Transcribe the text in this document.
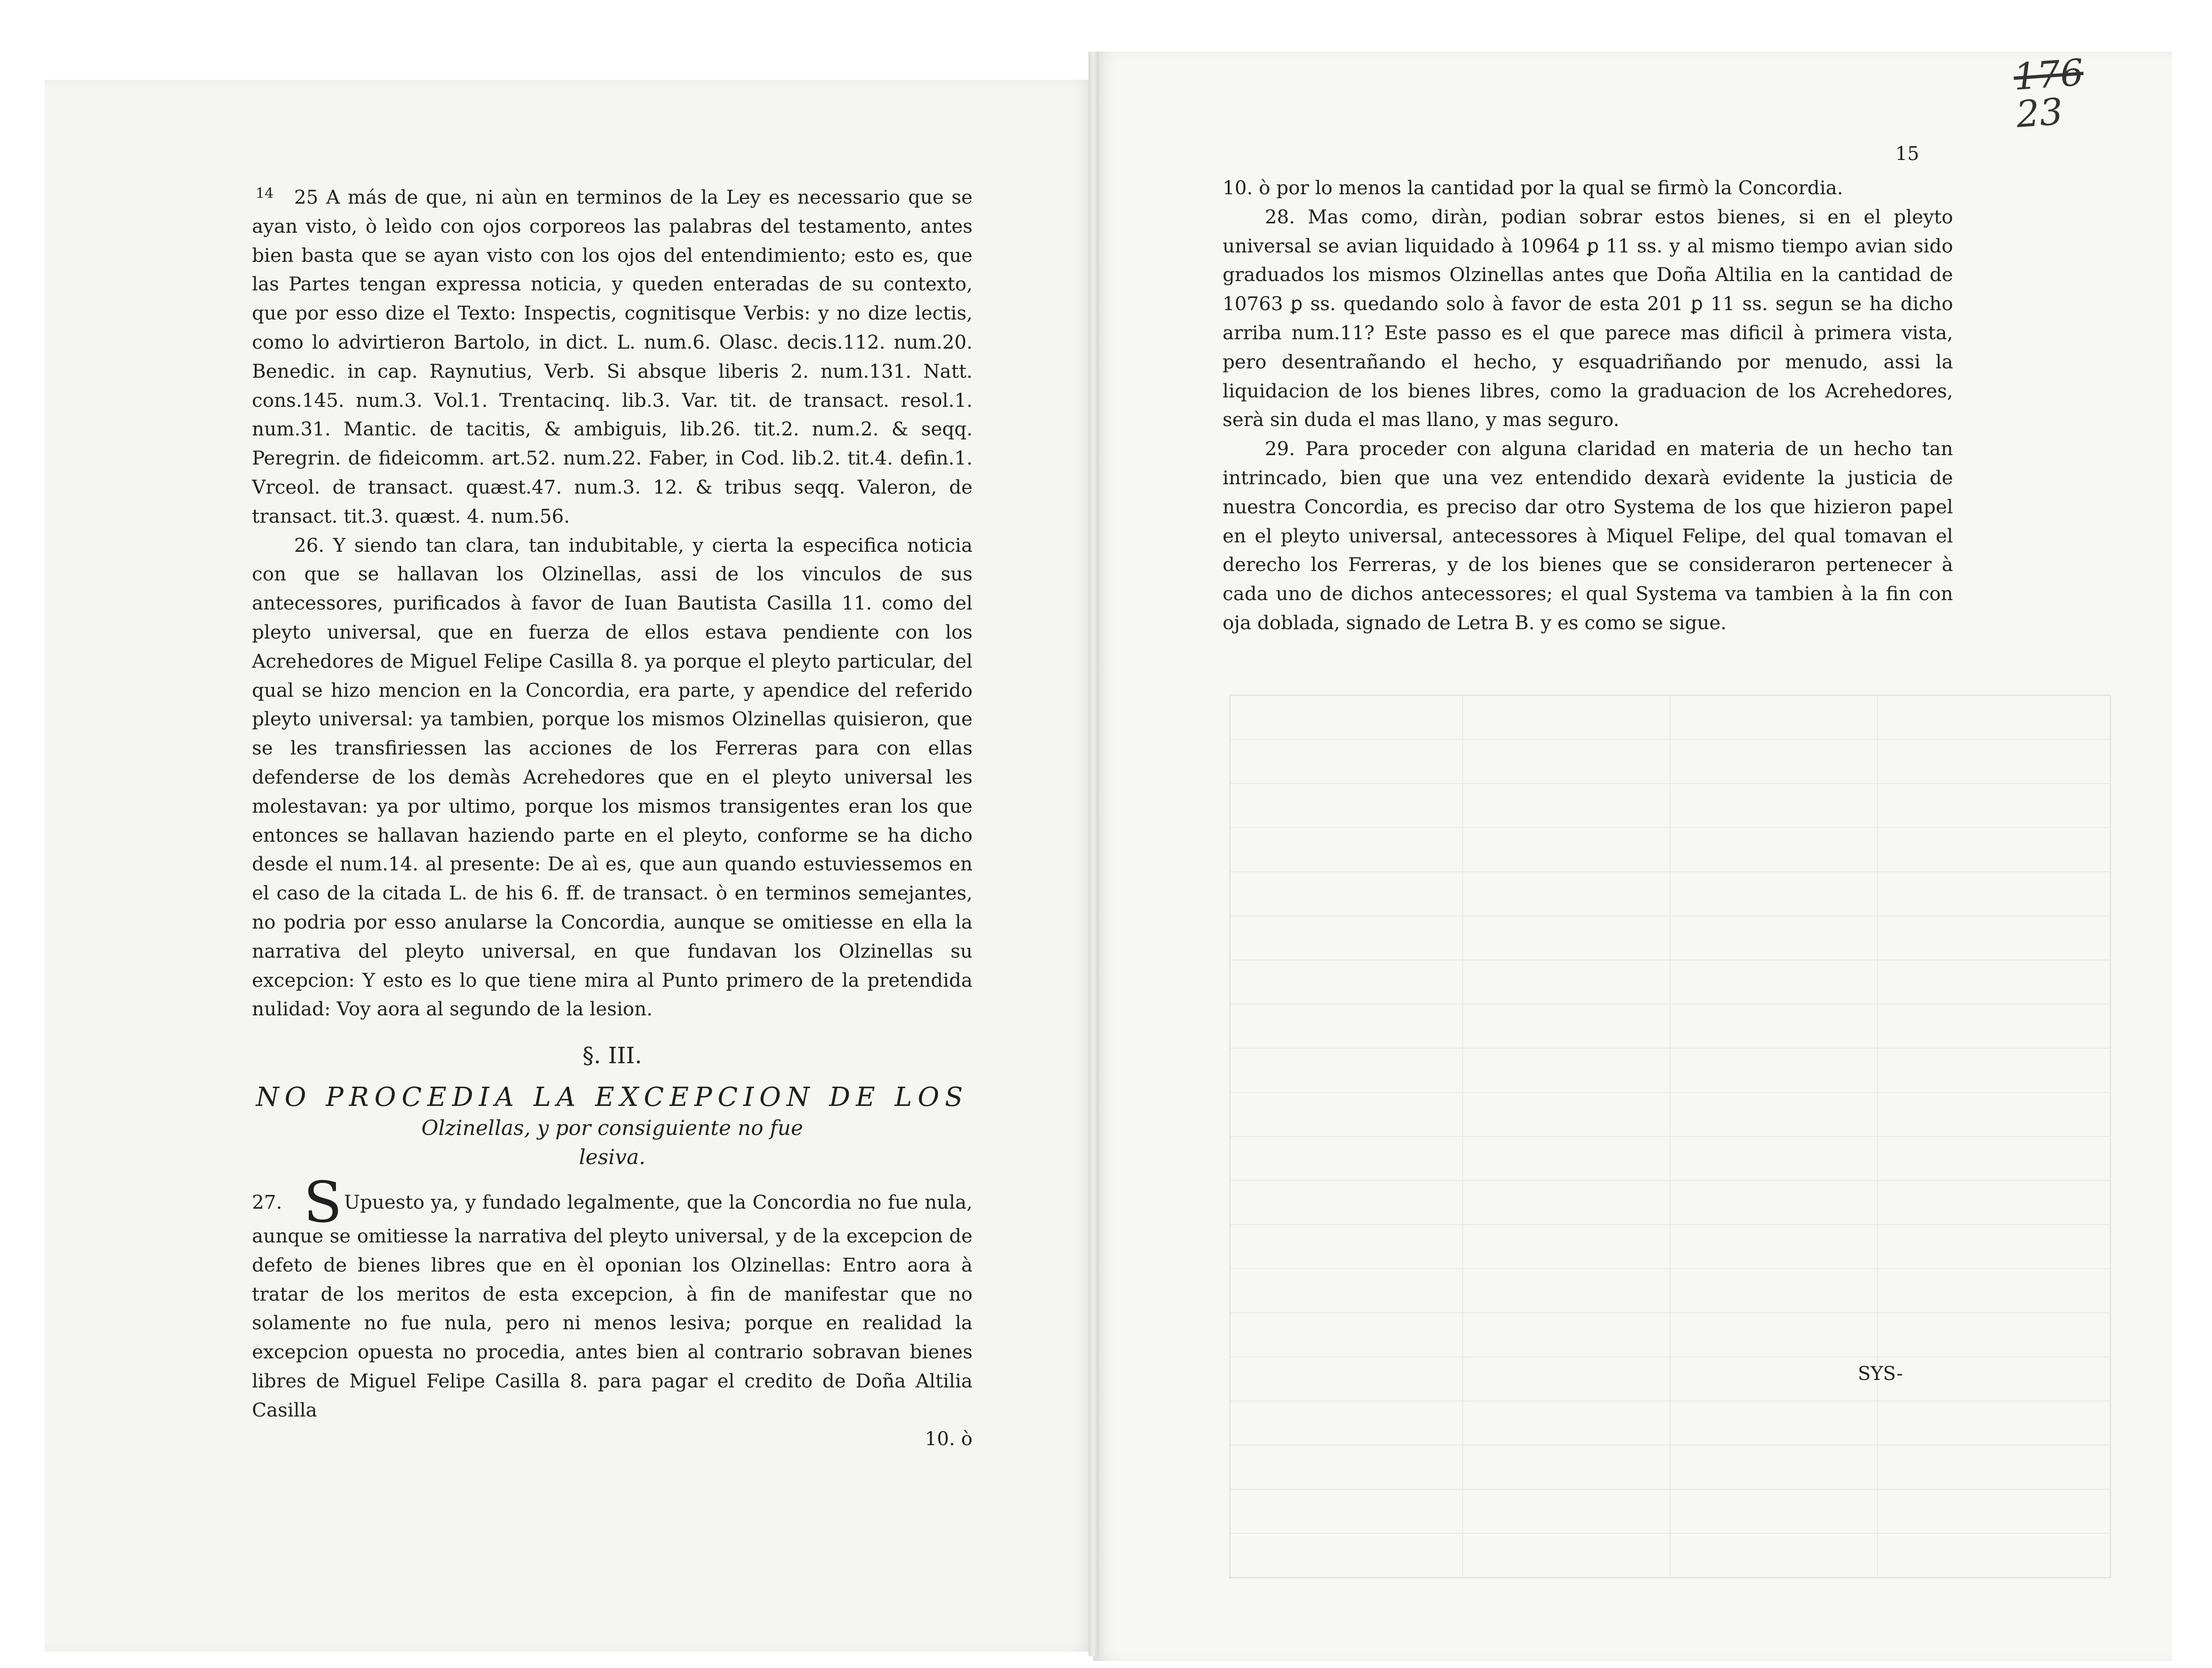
14	25 A más de que, ni aùn en terminos de la Ley es necessario que se ayan visto, ò leìdo con ojos corporeos las palabras del testamento, antes bien basta que se ayan visto con los ojos del entendimiento; esto es, que las Partes tengan expressa noticia, y queden enteradas de su contexto, que por esso dize el Texto: Inspectis, cognitisque Verbis: y no dize lectis, como lo advirtieron Bartolo, in dict. L. num.6. Olasc. decis.112. num.20. Benedic. in cap. Raynutius, Verb. Si absque liberis 2. num.131. Natt. cons.145. num.3. Vol.1. Trentacinq. lib.3. Var. tit. de transact. resol.1. num.31. Mantic. de tacitis, & ambiguis, lib.26. tit.2. num.2. & seqq. Peregrin. de fideicomm. art.52. num.22. Faber, in Cod. lib.2. tit.4. defin.1. Vrceol. de transact. quæst.47. num.3. 12. & tribus seqq. Valeron, de transact. tit.3. quæst. 4. num.56.

26. Y siendo tan clara, tan indubitable, y cierta la especifica noticia con que se hallavan los Olzinellas, assi de los vinculos de sus antecessores, purificados à favor de Iuan Bautista Casilla 11. como del pleyto universal, que en fuerza de ellos estava pendiente con los Acrehedores de Miguel Felipe Casilla 8. ya porque el pleyto particular, del qual se hizo mencion en la Concordia, era parte, y apendice del referido pleyto universal: ya tambien, porque los mismos Olzinellas quisieron, que se les transfiriessen las acciones de los Ferreras para con ellas defenderse de los demàs Acrehedores que en el pleyto universal les molestavan: ya por ultimo, porque los mismos transigentes eran los que entonces se hallavan haziendo parte en el pleyto, conforme se ha dicho desde el num.14. al presente: De aì es, que aun quando estuviessemos en el caso de la citada L. de his 6. ff. de transact. ò en terminos semejantes, no podria por esso anularse la Concordia, aunque se omitiesse en ella la narrativa del pleyto universal, en que fundavan los Olzinellas su excepcion: Y esto es lo que tiene mira al Punto primero de la pretendida nulidad: Voy aora al segundo de la lesion.

§. III.
NO PROCEDIA LA EXCEPCION DE LOS
Olzinellas, y por consiguiente no fue
lesiva.

27. SUpuesto ya, y fundado legalmente, que la Concordia no fue nula, aunque se omitiesse la narrativa del pleyto universal, y de la excepcion de defeto de bienes libres que en èl oponian los Olzinellas: Entro aora à tratar de los meritos de esta excepcion, à fin de manifestar que no solamente no fue nula, pero ni menos lesiva; porque en realidad la excepcion opuesta no procedia, antes bien al contrario sobravan bienes libres de Miguel Felipe Casilla 8. para pagar el credito de Doña Altilia Casilla

10. ò
176
23
15

10. ò por lo menos la cantidad por la qual se firmò la Concordia.

28. Mas como, diràn, podian sobrar estos bienes, si en el pleyto universal se avian liquidado à 10964 ꝑ 11 ss. y al mismo tiempo avian sido graduados los mismos Olzinellas antes que Doña Altilia en la cantidad de 10763 ꝑ ss. quedando solo à favor de esta 201 ꝑ 11 ss. segun se ha dicho arriba num.11? Este passo es el que parece mas dificil à primera vista, pero desentrañando el hecho, y esquadriñando por menudo, assi la liquidacion de los bienes libres, como la graduacion de los Acrehedores, serà sin duda el mas llano, y mas seguro.

29. Para proceder con alguna claridad en materia de un hecho tan intrincado, bien que una vez entendido dexarà evidente la justicia de nuestra Concordia, es preciso dar otro Systema de los que hizieron papel en el pleyto universal, antecessores à Miquel Felipe, del qual tomavan el derecho los Ferreras, y de los bienes que se consideraron pertenecer à cada uno de dichos antecessores; el qual Systema va tambien à la fin con oja doblada, signado de Letra B. y es como se sigue.

SYS-
